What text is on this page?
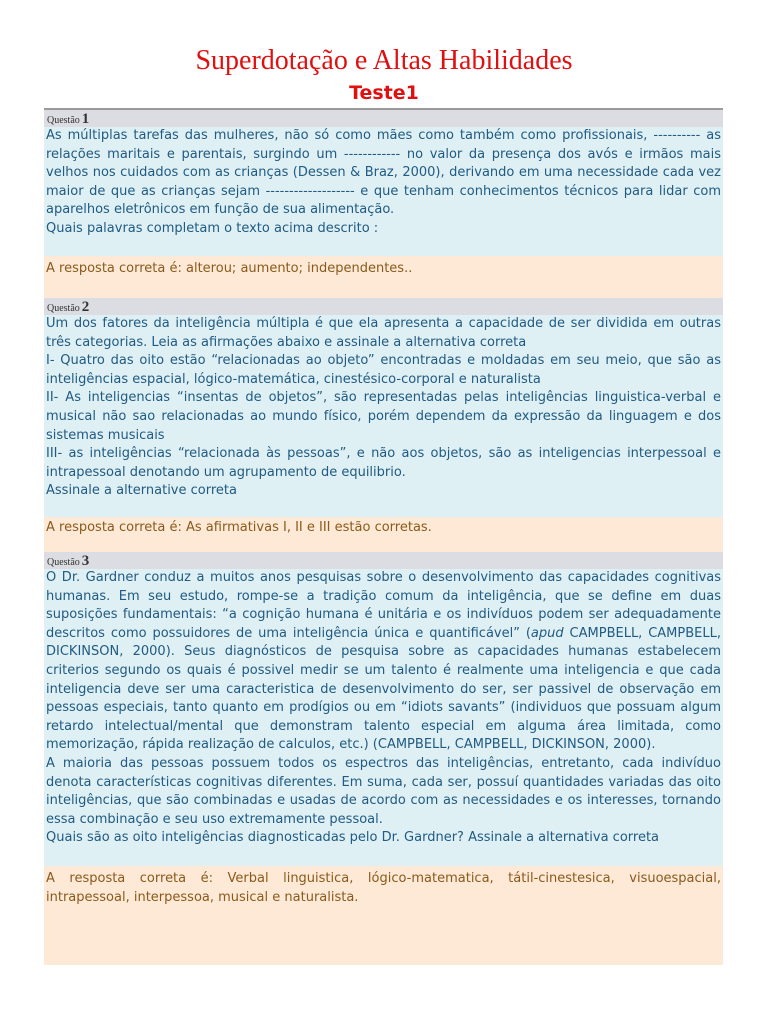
Superdotação e Altas Habilidades
Teste1
Questão 1

As múltiplas tarefas das mulheres, não só como mães como também como profissionais, ---------- as relações maritais e parentais, surgindo um ------------ no valor da presença dos avós e irmãos mais velhos nos cuidados com as crianças (Dessen & Braz, 2000), derivando em uma necessidade cada vez maior de que as crianças sejam ------------------- e que tenham conhecimentos técnicos para lidar com aparelhos eletrônicos em função de sua alimentação.

Quais palavras completam o texto acima descrito :

A resposta correta é: alterou; aumento; independentes..

Questão 2

Um dos fatores da inteligência múltipla é que ela apresenta a capacidade de ser dividida em outras três categorias. Leia as afirmações abaixo e assinale a alternativa correta

I- Quatro das oito estão “relacionadas ao objeto” encontradas e moldadas em seu meio, que são as inteligências espacial, lógico-matemática, cinestésico-corporal e naturalista

II- As inteligencias “insentas de objetos”, são representadas pelas inteligências linguistica-verbal e musical não sao relacionadas ao mundo físico, porém dependem da expressão da linguagem e dos sistemas musicais

III- as inteligências “relacionada às pessoas”, e não aos objetos, são as inteligencias interpessoal e intrapessoal denotando um agrupamento de equilibrio.

Assinale a alternative correta

A resposta correta é: As afirmativas I, II e III estão corretas.

Questão 3

O Dr. Gardner conduz a muitos anos pesquisas sobre o desenvolvimento das capacidades cognitivas humanas. Em seu estudo, rompe-se a tradição comum da inteligência, que se define em duas suposições fundamentais: “a cognição humana é unitária e os indivíduos podem ser adequadamente descritos como possuidores de uma inteligência única e quantificável” (apud CAMPBELL, CAMPBELL, DICKINSON, 2000). Seus diagnósticos de pesquisa sobre as capacidades humanas estabelecem criterios segundo os quais é possivel medir se um talento é realmente uma inteligencia e que cada inteligencia deve ser uma caracteristica de desenvolvimento do ser, ser passivel de observação em pessoas especiais, tanto quanto em prodígios ou em “idiots savants” (individuos que possuam algum retardo intelectual/mental que demonstram talento especial em alguma área limitada, como memorização, rápida realização de calculos, etc.) (CAMPBELL, CAMPBELL, DICKINSON, 2000).

A maioria das pessoas possuem todos os espectros das inteligências, entretanto, cada indivíduo denota características cognitivas diferentes. Em suma, cada ser, possuí quantidades variadas das oito inteligências, que são combinadas e usadas de acordo com as necessidades e os interesses, tornando essa combinação e seu uso extremamente pessoal.

Quais são as oito inteligências diagnosticadas pelo Dr. Gardner? Assinale a alternativa correta

A resposta correta é: Verbal linguistica, lógico-matematica, tátil-cinestesica, visuoespacial, intrapessoal, interpessoa, musical e naturalista.
